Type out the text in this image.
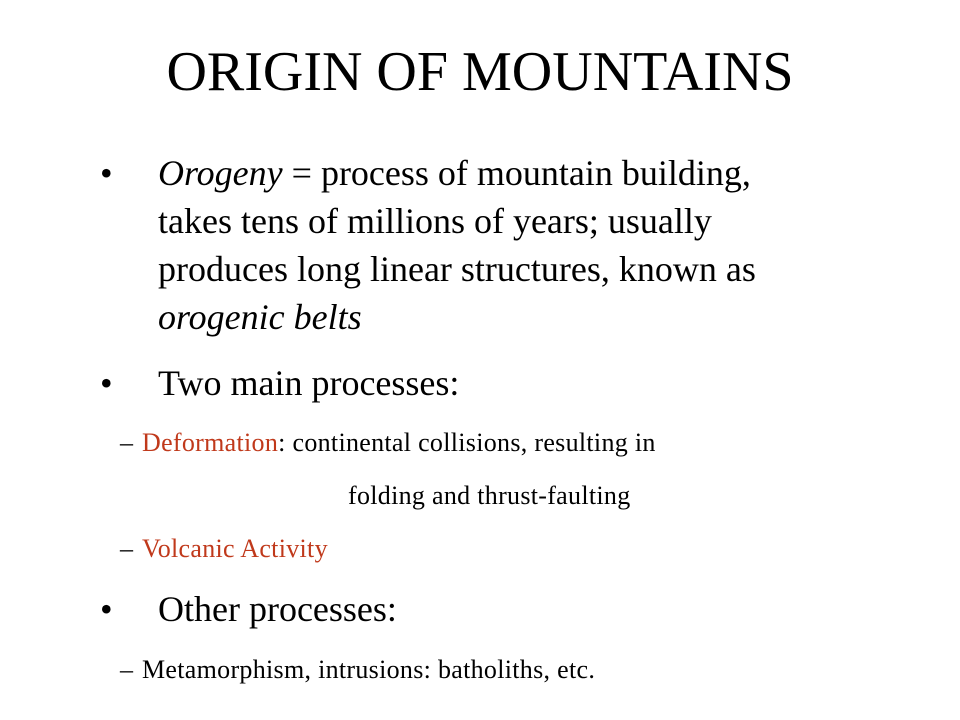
ORIGIN OF MOUNTAINS
• Orogeny = process of mountain building,
takes tens of millions of years; usually
produces long linear structures, known as
orogenic belts
• Two main processes:
– Deformation: continental collisions, resulting in
folding and thrust-faulting
– Volcanic Activity
• Other processes:
– Metamorphism, intrusions: batholiths, etc.
